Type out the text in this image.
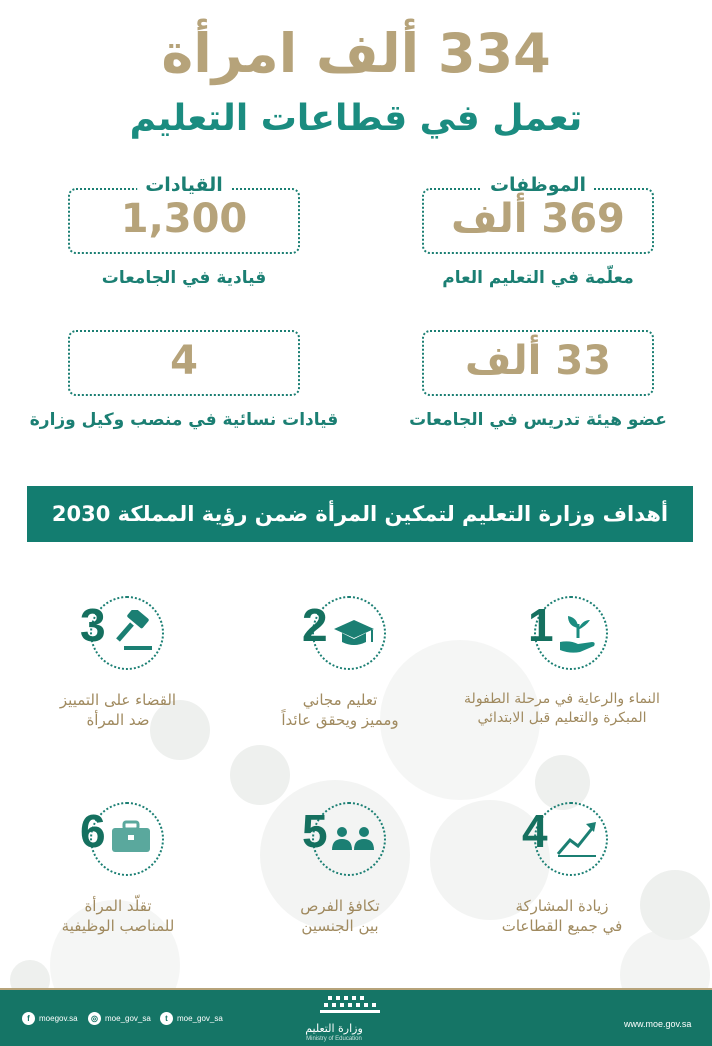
334 ألف امرأة
تعمل في قطاعات التعليم
الموظفات
369 ألف
معلّمة في التعليم العام
القيادات
1,300
قيادية في الجامعات
33 ألف
عضو هيئة تدريس في الجامعات
4
قيادات نسائية في منصب وكيل وزارة
أهداف وزارة التعليم لتمكين المرأة ضمن رؤية المملكة 2030
1
النماء والرعاية في مرحلة الطفولة
المبكرة والتعليم قبل الابتدائي
2
تعليم مجاني
ومميز ويحقق عائداً
3
القضاء على التمييز
ضد المرأة
4
زيادة المشاركة
في جميع القطاعات
5
تكافؤ الفرص
بين الجنسين
6
تقلّد المرأة
للمناصب الوظيفية
f	moegov.sa	◎ moe_gov_sa	t	moe_gov_sa
وزارة التعليم
Ministry of Education
www.moe.gov.sa
